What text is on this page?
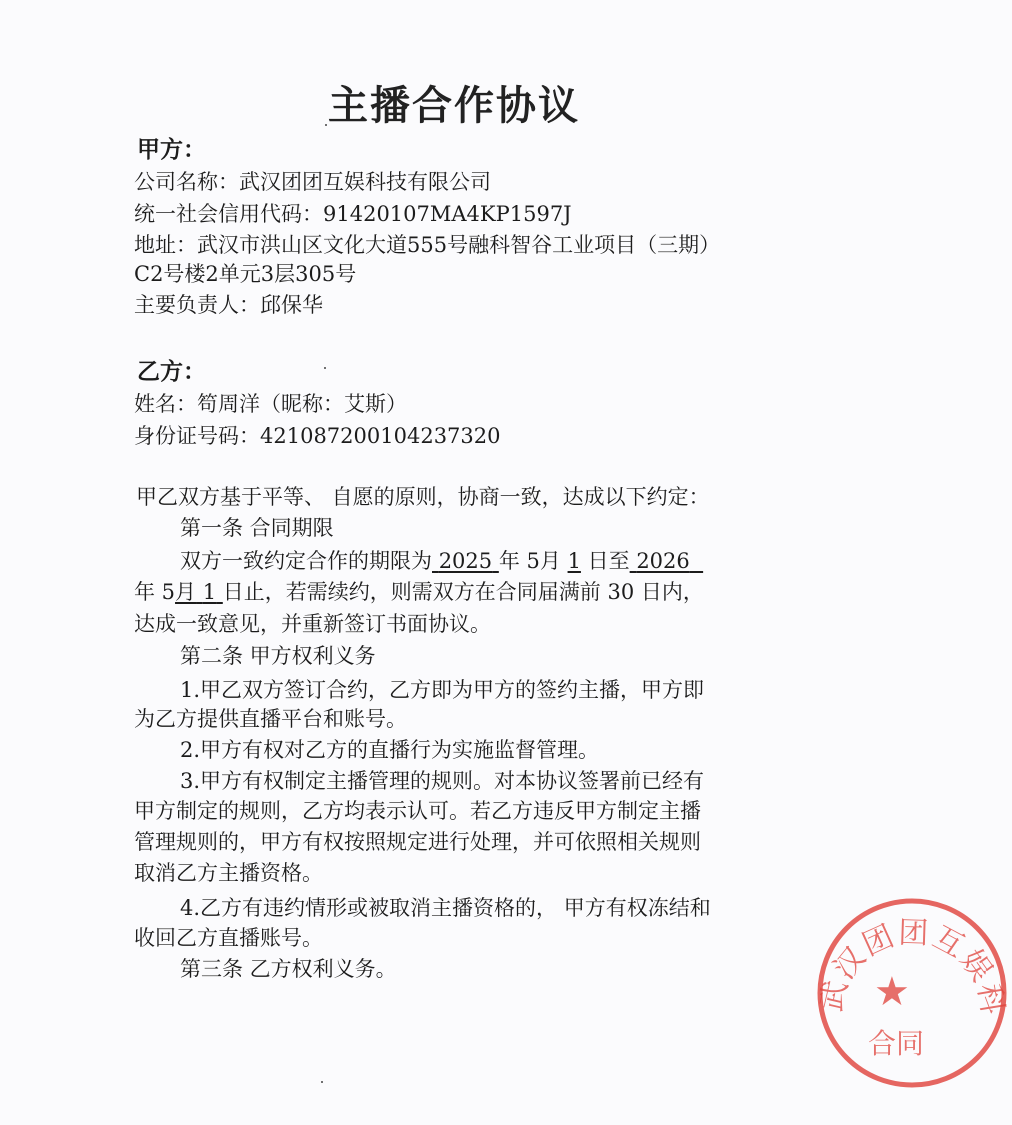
主播合作协议
甲方：
公司名称：武汉团团互娱科技有限公司
统一社会信用代码：91420107MA4KP1597J
地址：武汉市洪山区文化大道555号融科智谷工业项目（三期）
C2号楼2单元3层305号
主要负责人：邱保华
乙方：
姓名：笱周洋（昵称：艾斯）
身份证号码：421087200104237320
甲乙双方基于平等、 自愿的原则，协商一致，达成以下约定：
第一条 合同期限
双方一致约定合作的期限为 2025 年 5月 1 日至 2026
年 5月 1 日止，若需续约，则需双方在合同届满前 30 日内，
达成一致意见，并重新签订书面协议。
第二条 甲方权利义务
1.甲乙双方签订合约，乙方即为甲方的签约主播，甲方即
为乙方提供直播平台和账号。
2.甲方有权对乙方的直播行为实施监督管理。
3.甲方有权制定主播管理的规则。对本协议签署前已经有
甲方制定的规则，乙方均表示认可。若乙方违反甲方制定主播
管理规则的，甲方有权按照规定进行处理，并可依照相关规则
取消乙方主播资格。
4.乙方有违约情形或被取消主播资格的， 甲方有权冻结和
收回乙方直播账号。
第三条 乙方权利义务。
武汉团团互娱科
★
合同
